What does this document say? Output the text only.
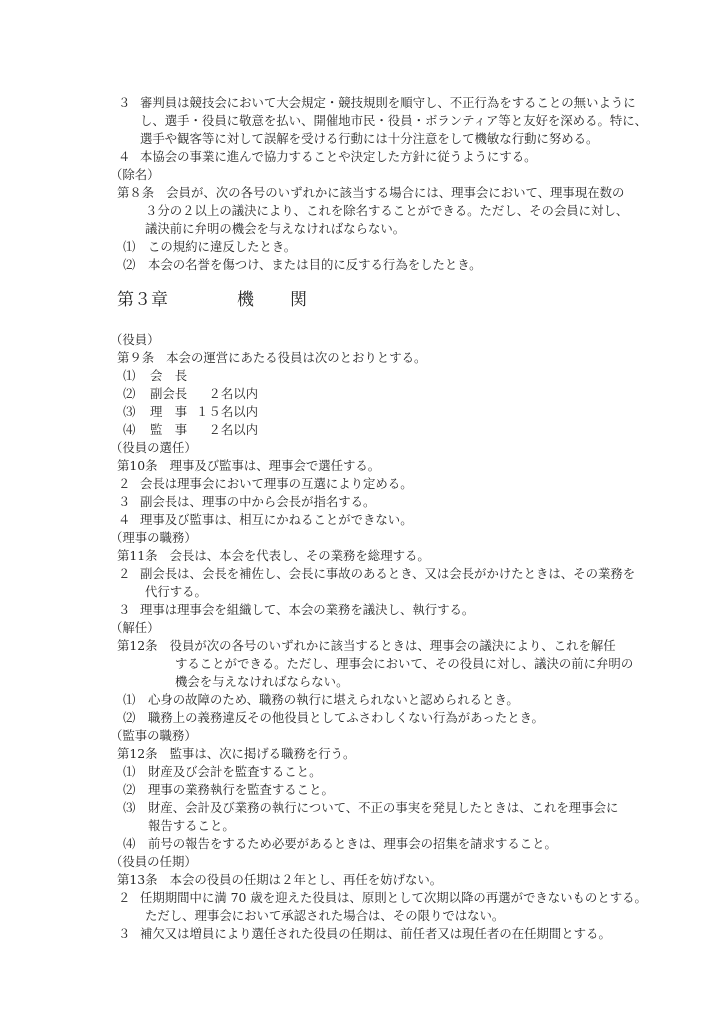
３ 審判員は競技会において大会規定・競技規則を順守し、不正行為をすることの無いように
し、選手・役員に敬意を払い、開催地市民・役員・ボランティア等と友好を深める。特に、
選手や観客等に対して誤解を受ける行動には十分注意をして機敏な行動に努める。
４ 本協会の事業に進んで協力することや決定した方針に従うようにする。
（除名）
第８条 会員が、次の各号のいずれかに該当する場合には、理事会において、理事現在数の
３分の２以上の議決により、これを除名することができる。ただし、その会員に対し、
議決前に弁明の機会を与えなければならない。
⑴ この規約に違反したとき。
⑵ 本会の名誉を傷つけ、または目的に反する行為をしたとき。
第３章	機　関
（役員）
第９条 本会の運営にあたる役員は次のとおりとする。
⑴ 会　長
⑵ 副会長	２名以内
⑶ 理　事 １５名以内
⑷ 監　事	２名以内
（役員の選任）
第10条 理事及び監事は、理事会で選任する。
２ 会長は理事会において理事の互選により定める。
３ 副会長は、理事の中から会長が指名する。
４ 理事及び監事は、相互にかねることができない。
（理事の職務）
第11条 会長は、本会を代表し、その業務を総理する。
２ 副会長は、会長を補佐し、会長に事故のあるとき、又は会長がかけたときは、その業務を
代行する。
３ 理事は理事会を組織して、本会の業務を議決し、執行する。
（解任）
第12条 役員が次の各号のいずれかに該当するときは、理事会の議決により、これを解任
することができる。ただし、理事会において、その役員に対し、議決の前に弁明の
機会を与えなければならない。
⑴ 心身の故障のため、職務の執行に堪えられないと認められるとき。
⑵ 職務上の義務違反その他役員としてふさわしくない行為があったとき。
（監事の職務）
第12条 監事は、次に掲げる職務を行う。
⑴ 財産及び会計を監査すること。
⑵ 理事の業務執行を監査すること。
⑶ 財産、会計及び業務の執行について、不正の事実を発見したときは、これを理事会に
報告すること。
⑷ 前号の報告をするため必要があるときは、理事会の招集を請求すること。
（役員の任期）
第13条 本会の役員の任期は２年とし、再任を妨げない。
２ 任期期間中に満 70 歳を迎えた役員は、原則として次期以降の再選ができないものとする。
ただし、理事会において承認された場合は、その限りではない。
３ 補欠又は増員により選任された役員の任期は、前任者又は現任者の在任期間とする。
